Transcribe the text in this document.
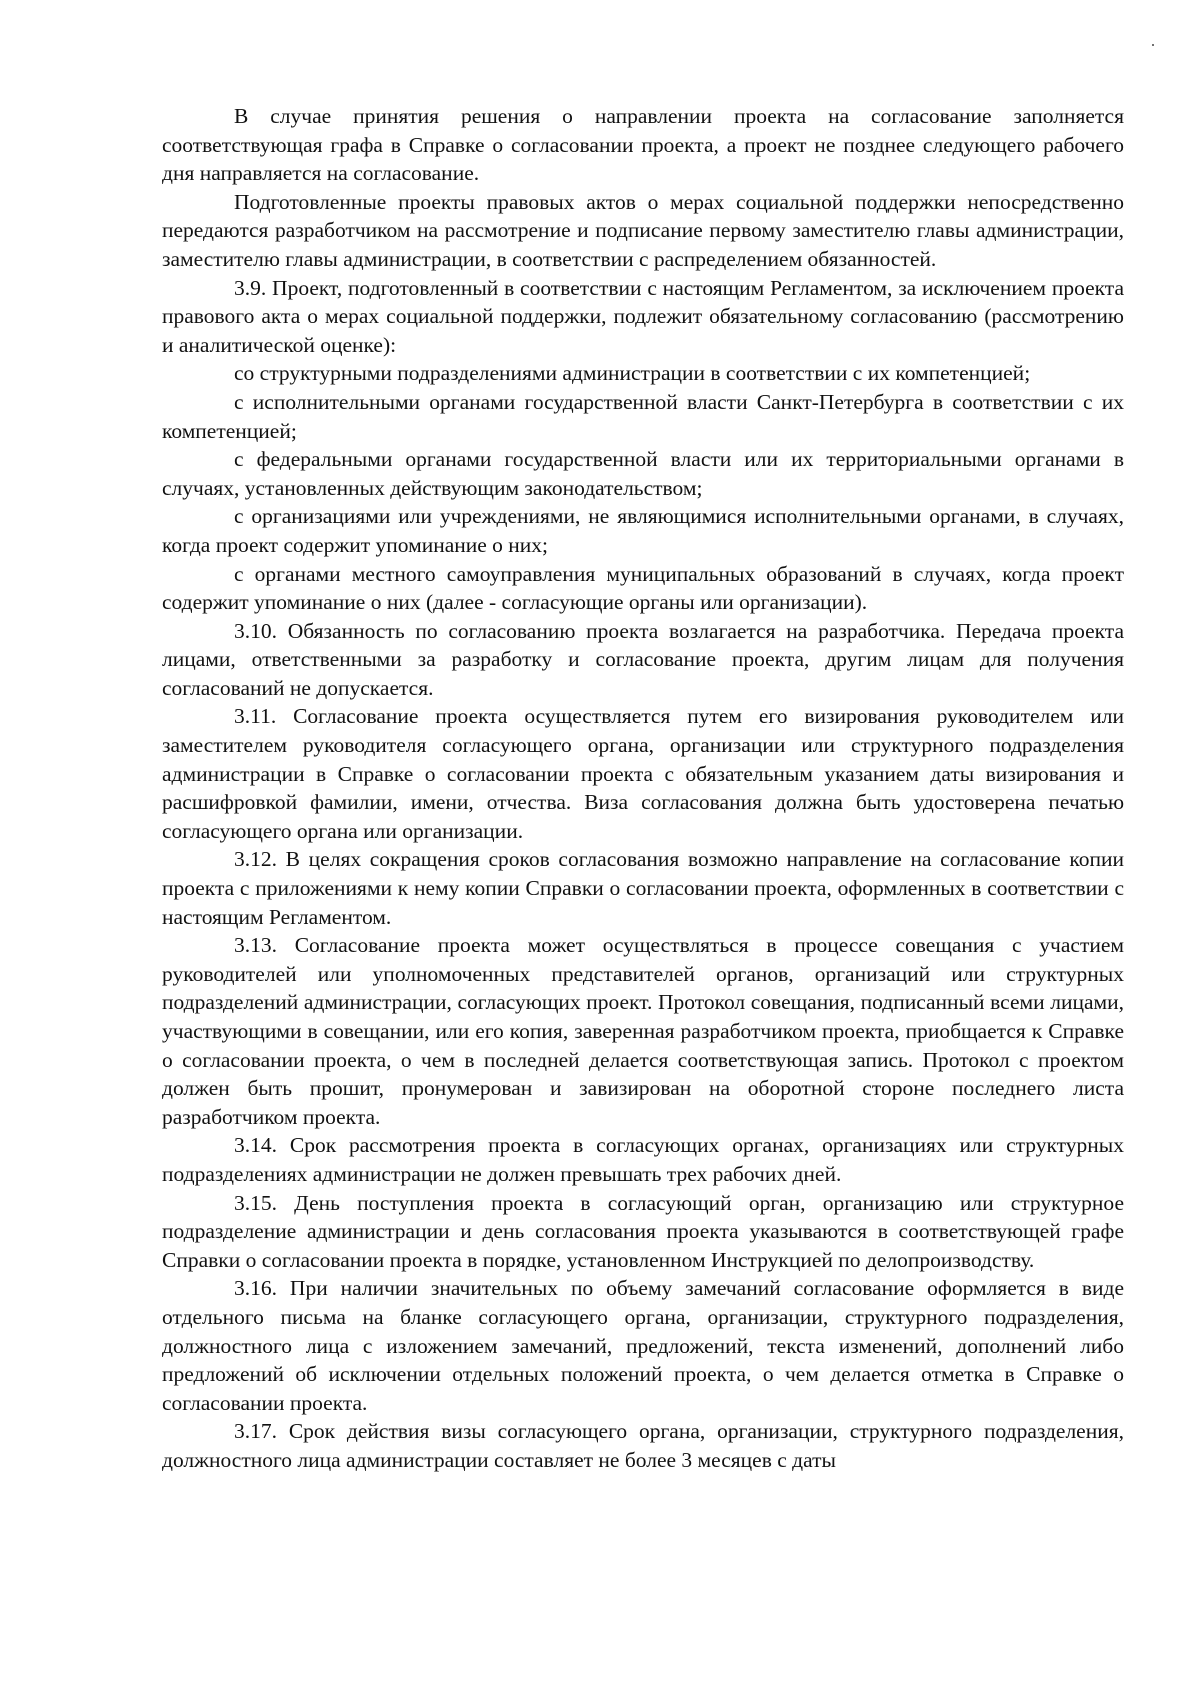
В случае принятия решения о направлении проекта на согласование заполняется соответствующая графа в Справке о согласовании проекта, а проект не позднее следующего рабочего дня направляется на согласование.

Подготовленные проекты правовых актов о мерах социальной поддержки непосредственно передаются разработчиком на рассмотрение и подписание первому заместителю главы администрации, заместителю главы администрации, в соответствии с распределением обязанностей.

3.9. Проект, подготовленный в соответствии с настоящим Регламентом, за исключением проекта правового акта о мерах социальной поддержки, подлежит обязательному согласованию (рассмотрению и аналитической оценке):

со структурными подразделениями администрации в соответствии с их компетенцией;

с исполнительными органами государственной власти Санкт-Петербурга в соответствии с их компетенцией;

с федеральными органами государственной власти или их территориальными органами в случаях, установленных действующим законодательством;

с организациями или учреждениями, не являющимися исполнительными органами, в случаях, когда проект содержит упоминание о них;

с органами местного самоуправления муниципальных образований в случаях, когда проект содержит упоминание о них (далее - согласующие органы или организации).

3.10. Обязанность по согласованию проекта возлагается на разработчика. Передача проекта лицами, ответственными за разработку и согласование проекта, другим лицам для получения согласований не допускается.

3.11. Согласование проекта осуществляется путем его визирования руководителем или заместителем руководителя согласующего органа, организации или структурного подразделения администрации в Справке о согласовании проекта с обязательным указанием даты визирования и расшифровкой фамилии, имени, отчества. Виза согласования должна быть удостоверена печатью согласующего органа или организации.

3.12. В целях сокращения сроков согласования возможно направление на согласование копии проекта с приложениями к нему копии Справки о согласовании проекта, оформленных в соответствии с настоящим Регламентом.

3.13. Согласование проекта может осуществляться в процессе совещания с участием руководителей или уполномоченных представителей органов, организаций или структурных подразделений администрации, согласующих проект. Протокол совещания, подписанный всеми лицами, участвующими в совещании, или его копия, заверенная разработчиком проекта, приобщается к Справке о согласовании проекта, о чем в последней делается соответствующая запись. Протокол с проектом должен быть прошит, пронумерован и завизирован на оборотной стороне последнего листа разработчиком проекта.

3.14. Срок рассмотрения проекта в согласующих органах, организациях или структурных подразделениях администрации не должен превышать трех рабочих дней.

3.15. День поступления проекта в согласующий орган, организацию или структурное подразделение администрации и день согласования проекта указываются в соответствующей графе Справки о согласовании проекта в порядке, установленном Инструкцией по делопроизводству.

3.16. При наличии значительных по объему замечаний согласование оформляется в виде отдельного письма на бланке согласующего органа, организации, структурного подразделения, должностного лица с изложением замечаний, предложений, текста изменений, дополнений либо предложений об исключении отдельных положений проекта, о чем делается отметка в Справке о согласовании проекта.

3.17. Срок действия визы согласующего органа, организации, структурного подразделения, должностного лица администрации составляет не более 3 месяцев с даты
